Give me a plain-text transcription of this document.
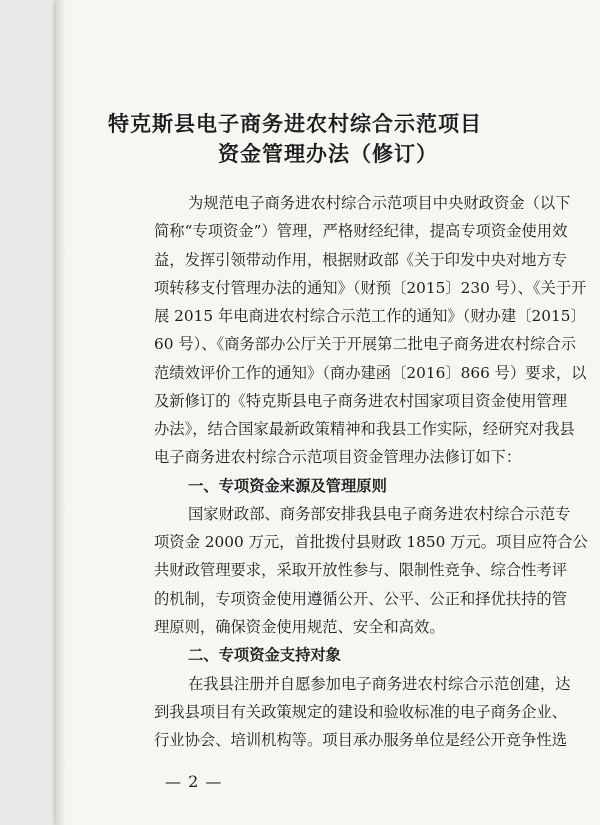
特克斯县电子商务进农村综合示范项目
资金管理办法（修订）
为规范电子商务进农村综合示范项目中央财政资金（以下
简称“专项资金”）管理，严格财经纪律，提高专项资金使用效
益，发挥引领带动作用，根据财政部《关于印发中央对地方专
项转移支付管理办法的通知》（财预〔2015〕230 号）、《关于开
展 2015 年电商进农村综合示范工作的通知》（财办建〔2015〕
60 号）、《商务部办公厅关于开展第二批电子商务进农村综合示
范绩效评价工作的通知》（商办建函〔2016〕866 号）要求，以
及新修订的《特克斯县电子商务进农村国家项目资金使用管理
办法》，结合国家最新政策精神和我县工作实际，经研究对我县
电子商务进农村综合示范项目资金管理办法修订如下：
一、专项资金来源及管理原则
国家财政部、商务部安排我县电子商务进农村综合示范专
项资金 2000 万元，首批拨付县财政 1850 万元。项目应符合公
共财政管理要求，采取开放性参与、限制性竞争、综合性考评
的机制，专项资金使用遵循公开、公平、公正和择优扶持的管
理原则，确保资金使用规范、安全和高效。
二、专项资金支持对象
在我县注册并自愿参加电子商务进农村综合示范创建，达
到我县项目有关政策规定的建设和验收标准的电子商务企业、
行业协会、培训机构等。项目承办服务单位是经公开竞争性选
— 2 —
